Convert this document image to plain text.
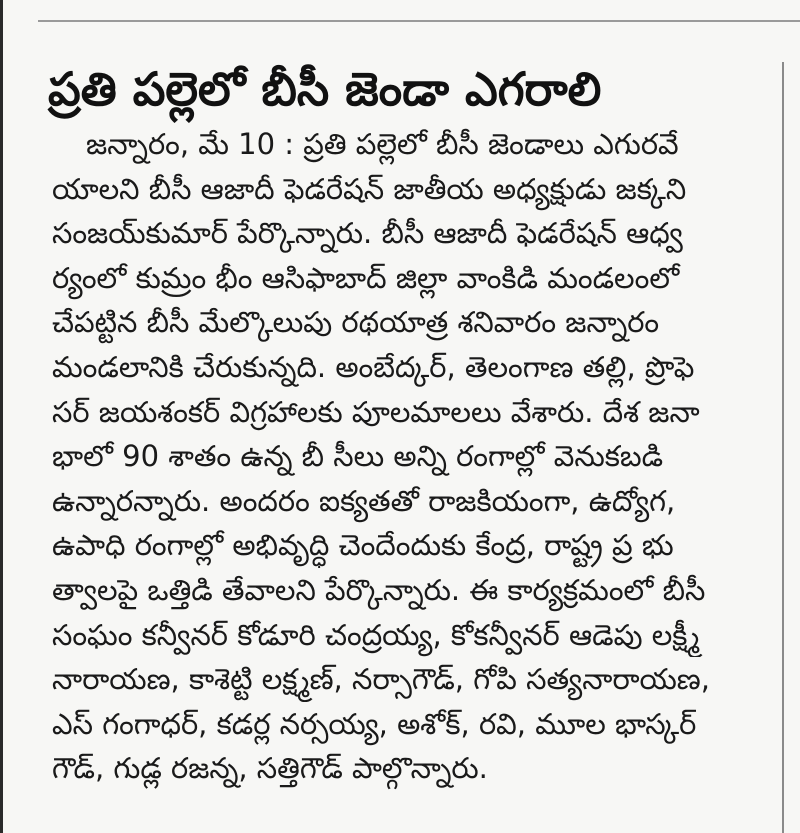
ప్రతి పల్లెలో బీసీ జెండా ఎగరాలి
జన్నారం, మే 10 : ప్రతి పల్లెలో బీసీ జెండాలు ఎగురవే
యాలని బీసీ ఆజాదీ ఫెడరేషన్ జాతీయ అధ్యక్షుడు జక్కని
సంజయ్‌కుమార్ పేర్కొన్నారు. బీసీ ఆజాదీ ఫెడరేషన్ ఆధ్వ
ర్యంలో కుమ్రం భీం ఆసిఫాబాద్ జిల్లా వాంకిడి మండలంలో
చేపట్టిన బీసీ మేల్కొలుపు రథయాత్ర శనివారం జన్నారం
మండలానికి చేరుకున్నది. అంబేద్కర్, తెలంగాణ తల్లి, ప్రొఫె
సర్ జయశంకర్ విగ్రహాలకు పూలమాలలు వేశారు. దేశ జనా
భాలో 90 శాతం ఉన్న బీ సీలు అన్ని రంగాల్లో వెనుకబడి
ఉన్నారన్నారు. అందరం ఐక్యతతో రాజకియంగా, ఉద్యోగ,
ఉపాధి రంగాల్లో అభివృద్ధి చెందేందుకు కేంద్ర, రాష్ట్ర ప్ర భు
త్వాలపై ఒత్తిడి తేవాలని పేర్కొన్నారు. ఈ కార్యక్రమంలో బీసీ
సంఘం కన్వీనర్ కోడూరి చంద్రయ్య, కోకన్వీనర్ ఆడెపు లక్ష్మీ
నారాయణ, కాశెట్టి లక్ష్మణ్, నర్సాగౌడ్, గోపి సత్యనారాయణ,
ఎస్ గంగాధర్, కడర్ల నర్సయ్య, అశోక్, రవి, మూల భాస్కర్
గౌడ్, గుడ్ల రజన్న, సత్తిగౌడ్ పాల్గొన్నారు.
